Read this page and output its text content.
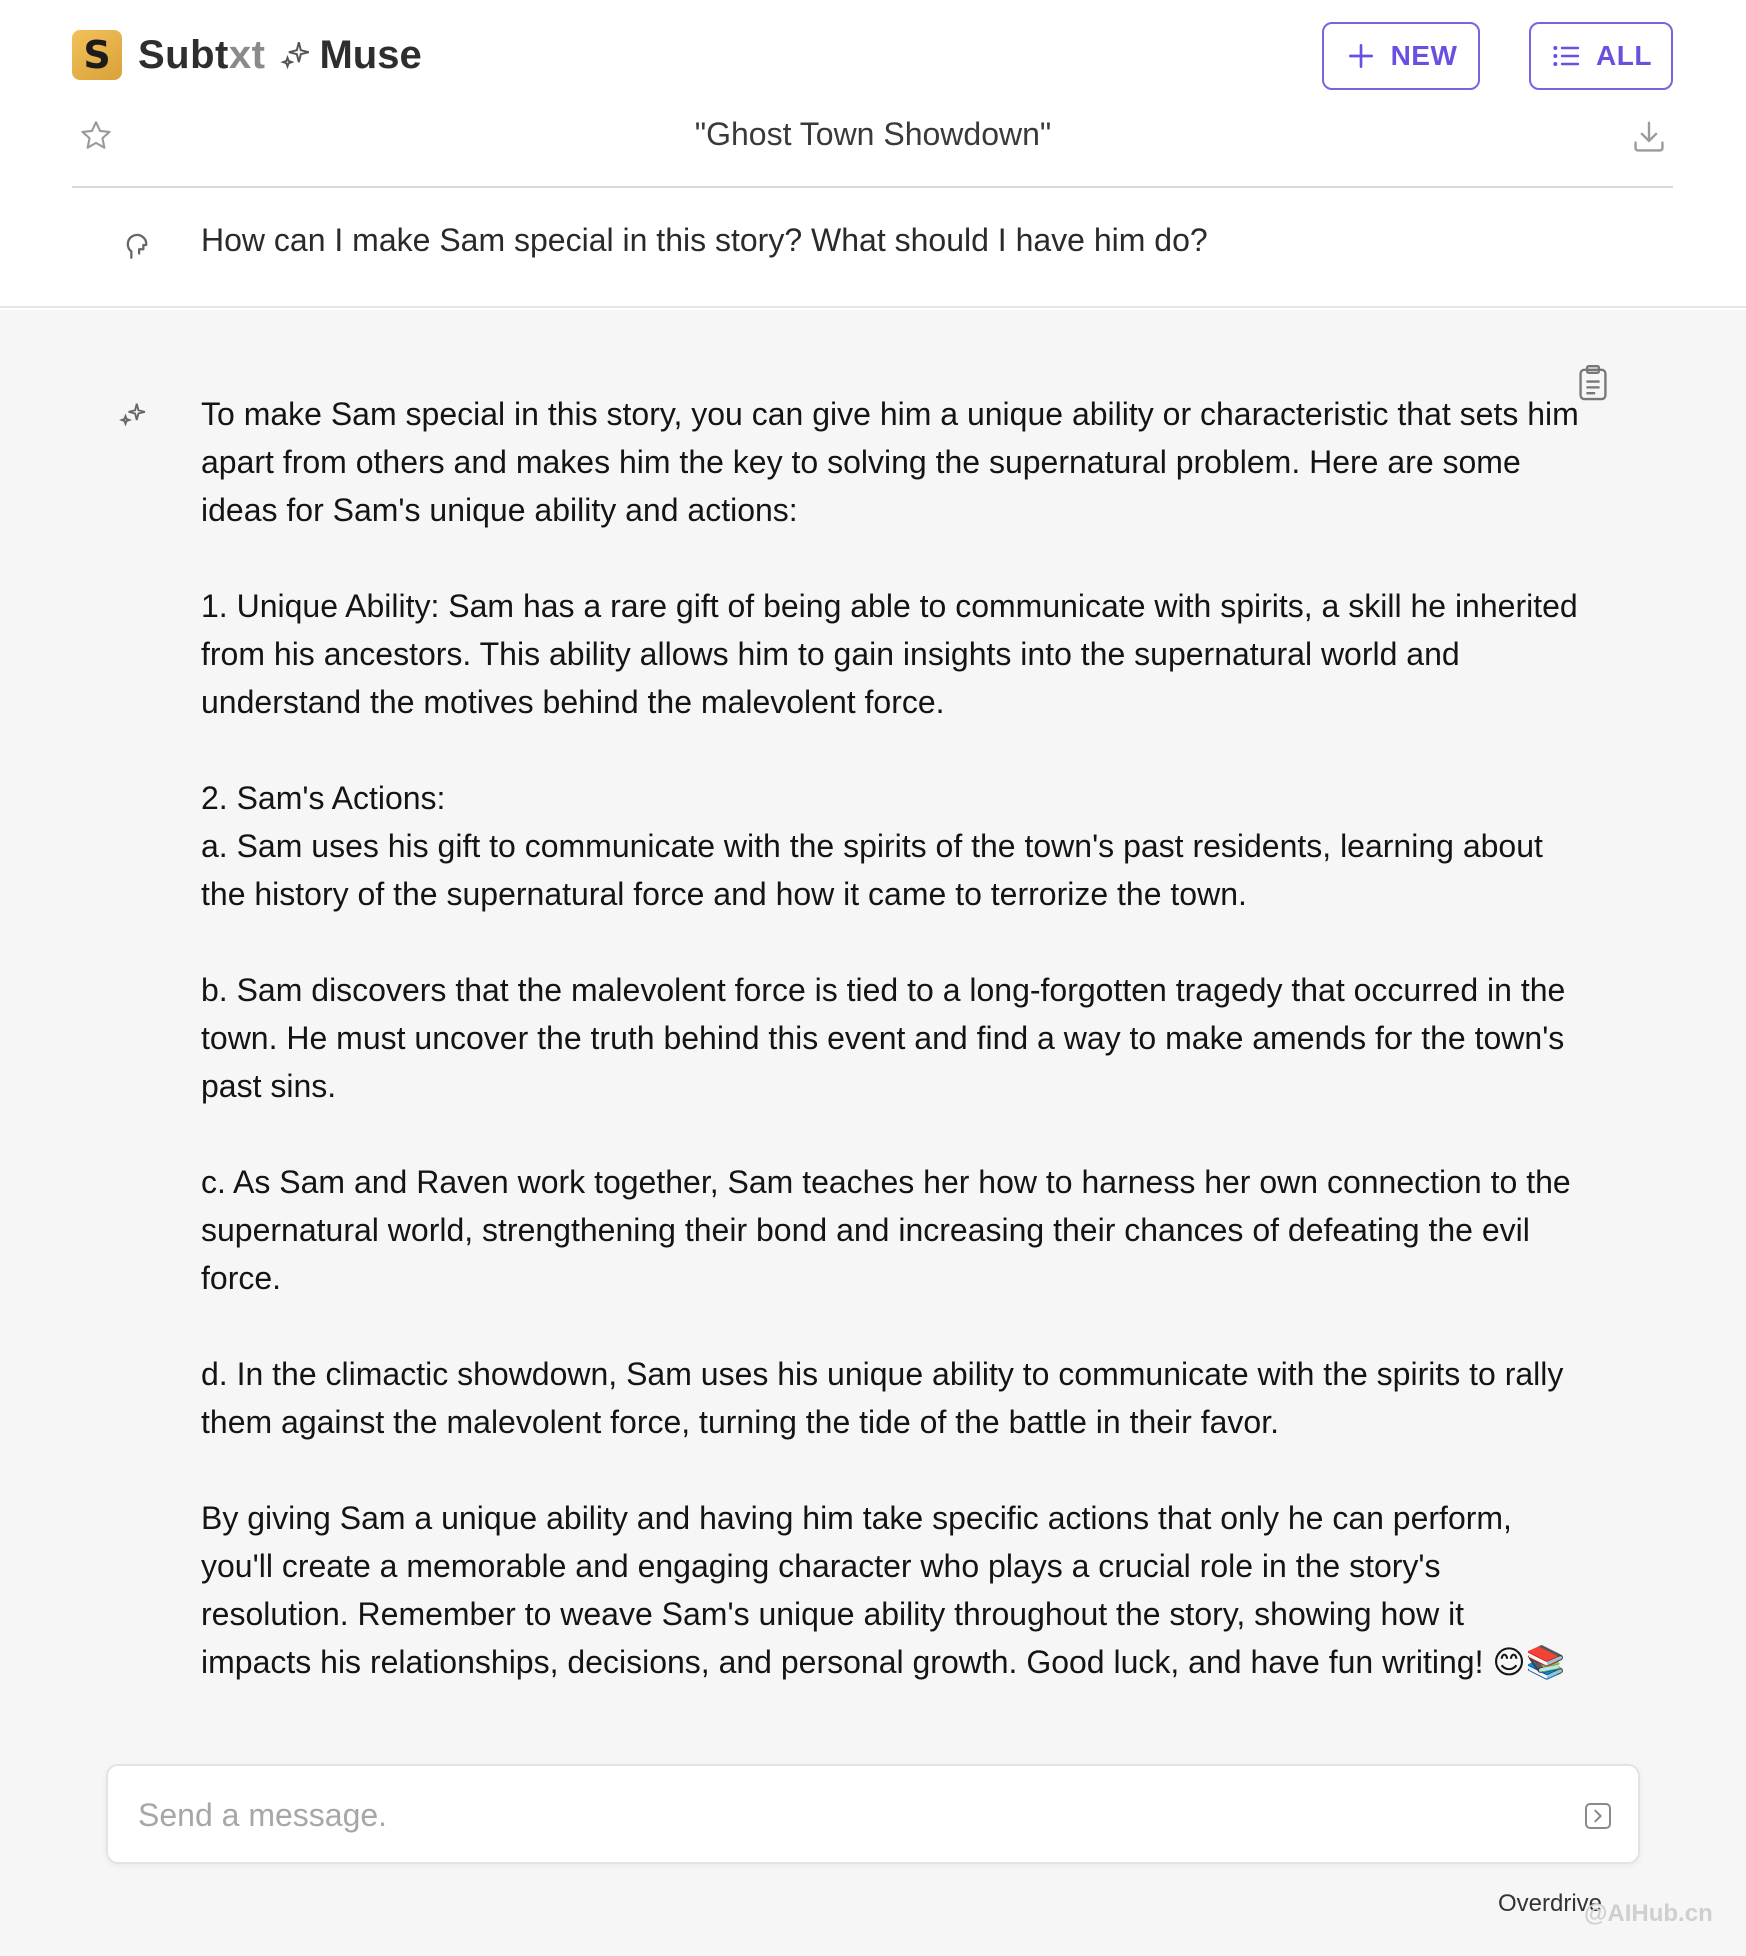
S Subtxt Muse	NEW	ALL
"Ghost Town Showdown"
How can I make Sam special in this story? What should I have him do?

To make Sam special in this story, you can give him a unique ability or characteristic that sets him apart from others and makes him the key to solving the supernatural problem. Here are some ideas for Sam's unique ability and actions:

1. Unique Ability: Sam has a rare gift of being able to communicate with spirits, a skill he inherited from his ancestors. This ability allows him to gain insights into the supernatural world and understand the motives behind the malevolent force.

2. Sam's Actions:

a. Sam uses his gift to communicate with the spirits of the town's past residents, learning about the history of the supernatural force and how it came to terrorize the town.

b. Sam discovers that the malevolent force is tied to a long-forgotten tragedy that occurred in the town. He must uncover the truth behind this event and find a way to make amends for the town's past sins.

c. As Sam and Raven work together, Sam teaches her how to harness her own connection to the supernatural world, strengthening their bond and increasing their chances of defeating the evil force.

d. In the climactic showdown, Sam uses his unique ability to communicate with the spirits to rally them against the malevolent force, turning the tide of the battle in their favor.

By giving Sam a unique ability and having him take specific actions that only he can perform, you'll create a memorable and engaging character who plays a crucial role in the story's resolution. Remember to weave Sam's unique ability throughout the story, showing how it impacts his relationships, decisions, and personal growth. Good luck, and have fun writing! 😊📚

Send a message.
Overdrive
@AIHub.cn
